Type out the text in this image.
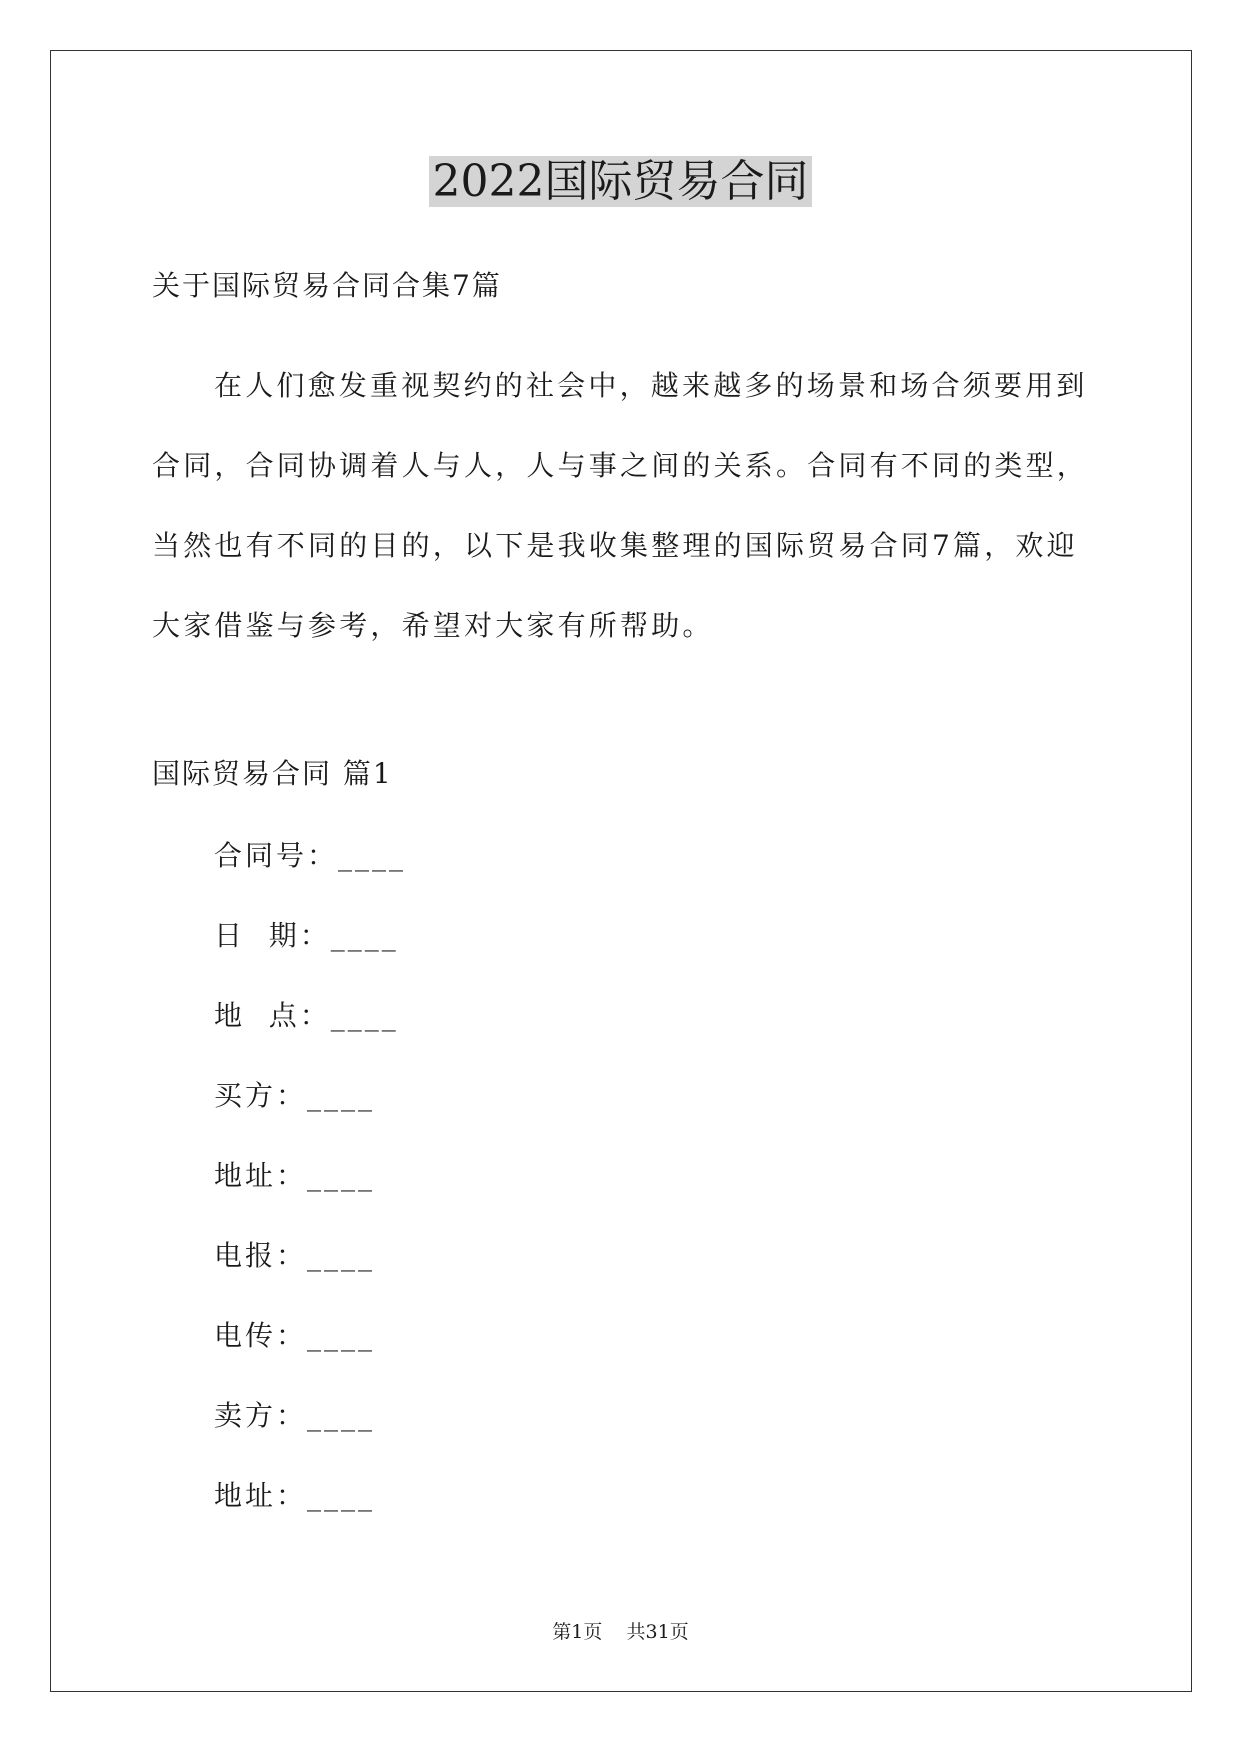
2022国际贸易合同
关于国际贸易合同合集7篇

在人们愈发重视契约的社会中，越来越多的场景和场合须要用到合同，合同协调着人与人，人与事之间的关系。合同有不同的类型，当然也有不同的目的，以下是我收集整理的国际贸易合同7篇，欢迎大家借鉴与参考，希望对大家有所帮助。

国际贸易合同 篇1
合同号：____
日  期：____
地  点：____
买方：____
地址：____
电报：____
电传：____
卖方：____
地址：____
第1页    共31页
